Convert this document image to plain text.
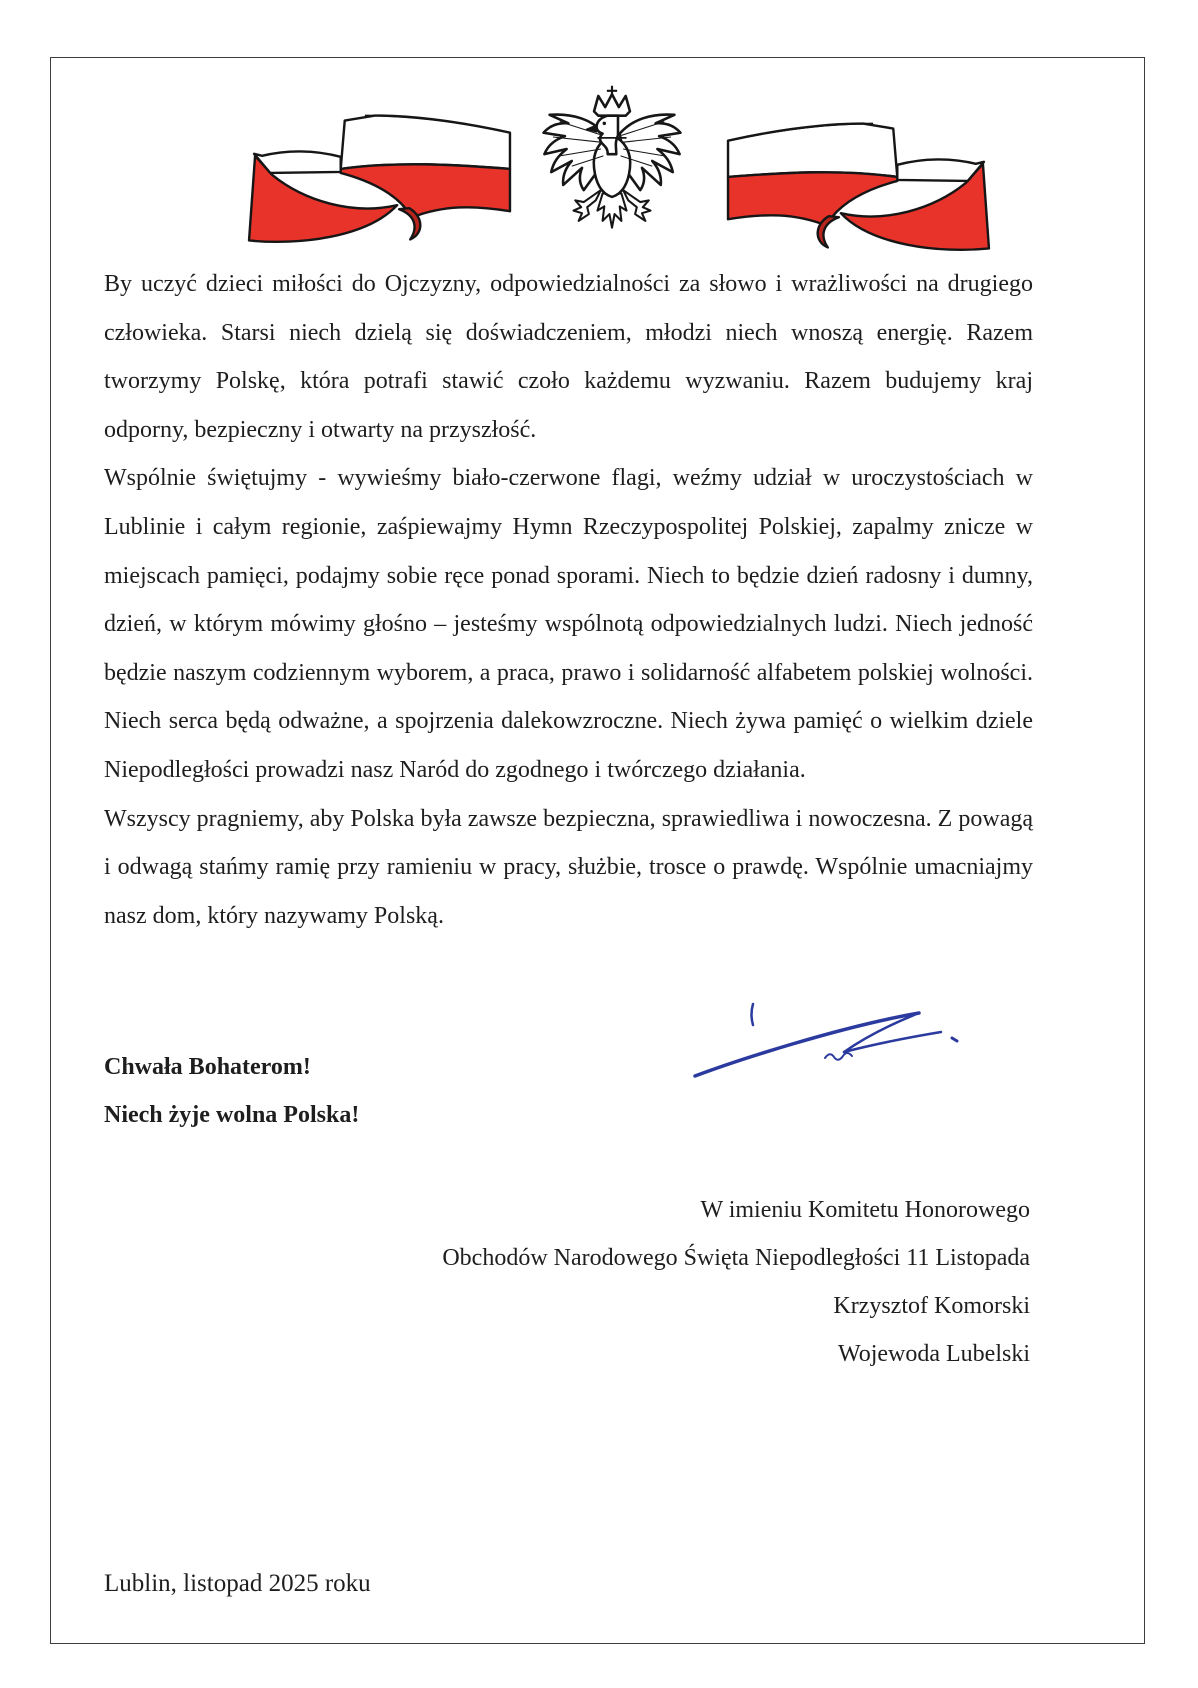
By uczyć dzieci miłości do Ojczyzny, odpowiedzialności za słowo i wrażliwości na drugiego człowieka. Starsi niech dzielą się doświadczeniem, młodzi niech wnoszą energię. Razem tworzymy Polskę, która potrafi stawić czoło każdemu wyzwaniu. Razem budujemy kraj odporny, bezpieczny i otwarty na przyszłość.

Wspólnie świętujmy - wywieśmy biało-czerwone flagi, weźmy udział w uroczystościach w Lublinie i całym regionie, zaśpiewajmy Hymn Rzeczypospolitej Polskiej, zapalmy znicze w miejscach pamięci, podajmy sobie ręce ponad sporami. Niech to będzie dzień radosny i dumny, dzień, w którym mówimy głośno – jesteśmy wspólnotą odpowiedzialnych ludzi. Niech jedność będzie naszym codziennym wyborem, a praca, prawo i solidarność alfabetem polskiej wolności. Niech serca będą odważne, a spojrzenia dalekowzroczne. Niech żywa pamięć o wielkim dziele Niepodległości prowadzi nasz Naród do zgodnego i twórczego działania.

Wszyscy pragniemy, aby Polska była zawsze bezpieczna, sprawiedliwa i nowoczesna. Z powagą i odwagą stańmy ramię przy ramieniu w pracy, służbie, trosce o prawdę. Wspólnie umacniajmy nasz dom, który nazywamy Polską.

Chwała Bohaterom!

Niech żyje wolna Polska!

W imieniu Komitetu Honorowego

Obchodów Narodowego Święta Niepodległości 11 Listopada

Krzysztof Komorski

Wojewoda Lubelski

Lublin, listopad 2025 roku
